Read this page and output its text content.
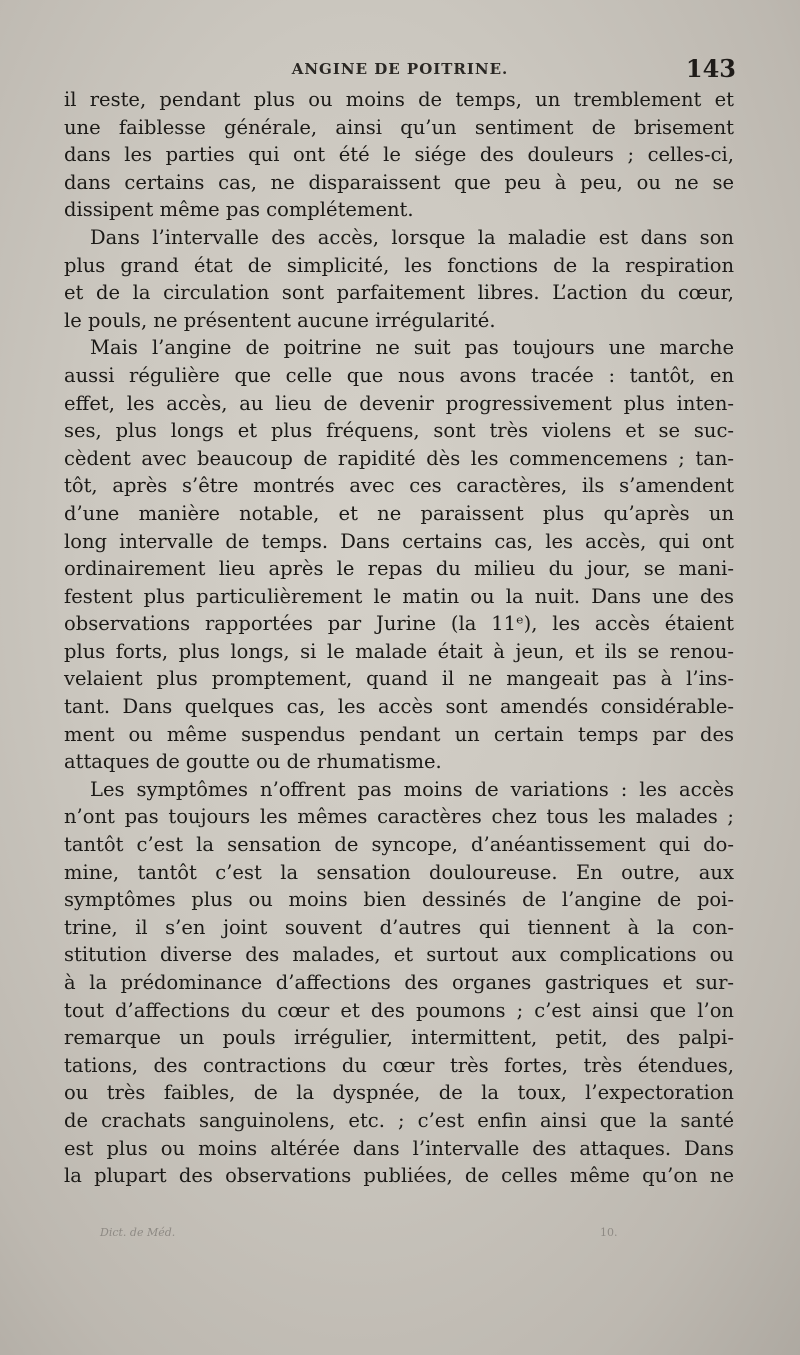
ANGINE DE POITRINE.	143
il reste, pendant plus ou moins de temps, un tremblement et
une faiblesse générale, ainsi qu’un sentiment de brisement
dans les parties qui ont été le siége des douleurs ; celles-ci,
dans certains cas, ne disparaissent que peu à peu, ou ne se
dissipent même pas complétement.
Dans l’intervalle des accès, lorsque la maladie est dans son
plus grand état de simplicité, les fonctions de la respiration
et de la circulation sont parfaitement libres. L’action du cœur,
le pouls, ne présentent aucune irrégularité.
Mais l’angine de poitrine ne suit pas toujours une marche
aussi régulière que celle que nous avons tracée : tantôt, en
effet, les accès, au lieu de devenir progressivement plus inten-
ses, plus longs et plus fréquens, sont très violens et se suc-
cèdent avec beaucoup de rapidité dès les commencemens ; tan-
tôt, après s’être montrés avec ces caractères, ils s’amendent
d’une manière notable, et ne paraissent plus qu’après un
long intervalle de temps. Dans certains cas, les accès, qui ont
ordinairement lieu après le repas du milieu du jour, se mani-
festent plus particulièrement le matin ou la nuit. Dans une des
observations rapportées par Jurine (la 11ᵉ), les accès étaient
plus forts, plus longs, si le malade était à jeun, et ils se renou-
velaient plus promptement, quand il ne mangeait pas à l’ins-
tant. Dans quelques cas, les accès sont amendés considérable-
ment ou même suspendus pendant un certain temps par des
attaques de goutte ou de rhumatisme.
Les symptômes n’offrent pas moins de variations : les accès
n’ont pas toujours les mêmes caractères chez tous les malades ;
tantôt c’est la sensation de syncope, d’anéantissement qui do-
mine, tantôt c’est la sensation douloureuse. En outre, aux
symptômes plus ou moins bien dessinés de l’angine de poi-
trine, il s’en joint souvent d’autres qui tiennent à la con-
stitution diverse des malades, et surtout aux complications ou
à la prédominance d’affections des organes gastriques et sur-
tout d’affections du cœur et des poumons ; c’est ainsi que l’on
remarque un pouls irrégulier, intermittent, petit, des palpi-
tations, des contractions du cœur très fortes, très étendues,
ou très faibles, de la dyspnée, de la toux, l’expectoration
de crachats sanguinolens, etc. ; c’est enfin ainsi que la santé
est plus ou moins altérée dans l’intervalle des attaques. Dans
la plupart des observations publiées, de celles même qu’on ne
Dict. de Méd.	10.
